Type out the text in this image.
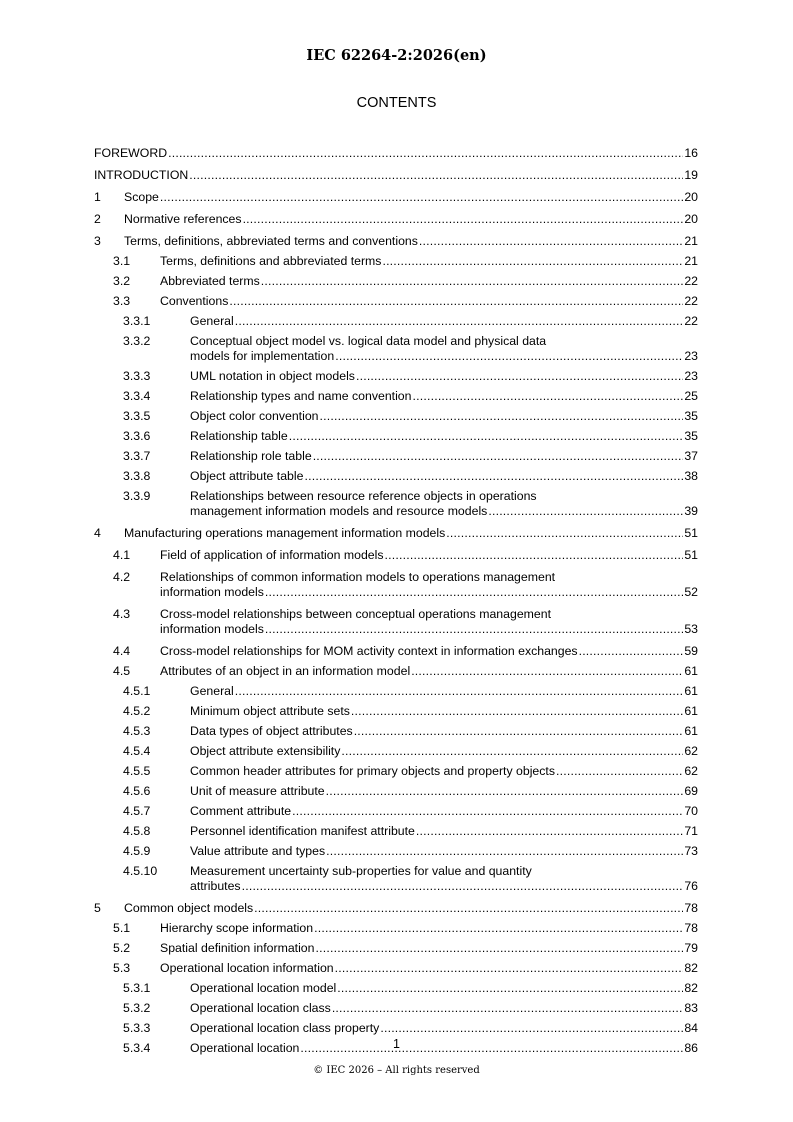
IEC 62264-2:2026(en)
CONTENTS
FOREWORD .....	16
INTRODUCTION .....	19
1 Scope .....	20
2 Normative references .....	20
3 Terms, definitions, abbreviated terms and conventions .....	21
3.1 Terms, definitions and abbreviated terms .....	21
3.2 Abbreviated terms .....	22
3.3 Conventions .....	22
3.3.1	General .....	22
3.3.2	Conceptual object model vs. logical data model and physical data
models for implementation .....	23
3.3.3	UML notation in object models .....	23
3.3.4	Relationship types and name convention .....	25
3.3.5	Object color convention .....	35
3.3.6	Relationship table .....	35
3.3.7	Relationship role table .....	37
3.3.8	Object attribute table .....	38
3.3.9	Relationships between resource reference objects in operations
management information models and resource models .....	39
4 Manufacturing operations management information models .....	51
4.1 Field of application of information models .....	51
4.2 Relationships of common information models to operations management
information models .....	52
4.3 Cross-model relationships between conceptual operations management
information models .....	53
4.4 Cross-model relationships for MOM activity context in information exchanges .....	59
4.5 Attributes of an object in an information model .....	61
4.5.1	General .....	61
4.5.2	Minimum object attribute sets .....	61
4.5.3	Data types of object attributes .....	61
4.5.4	Object attribute extensibility .....	62
4.5.5	Common header attributes for primary objects and property objects .....	62
4.5.6	Unit of measure attribute .....	69
4.5.7	Comment attribute .....	70
4.5.8	Personnel identification manifest attribute .....	71
4.5.9	Value attribute and types .....	73
4.5.10	Measurement uncertainty sub-properties for value and quantity
attributes .....	76
5 Common object models .....	78
5.1 Hierarchy scope information .....	78
5.2 Spatial definition information .....	79
5.3 Operational location information .....	82
5.3.1	Operational location model .....	82
5.3.2	Operational location class .....	83
5.3.3	Operational location class property .....	84
5.3.4	Operational location .....	86
1
© IEC 2026 – All rights reserved
